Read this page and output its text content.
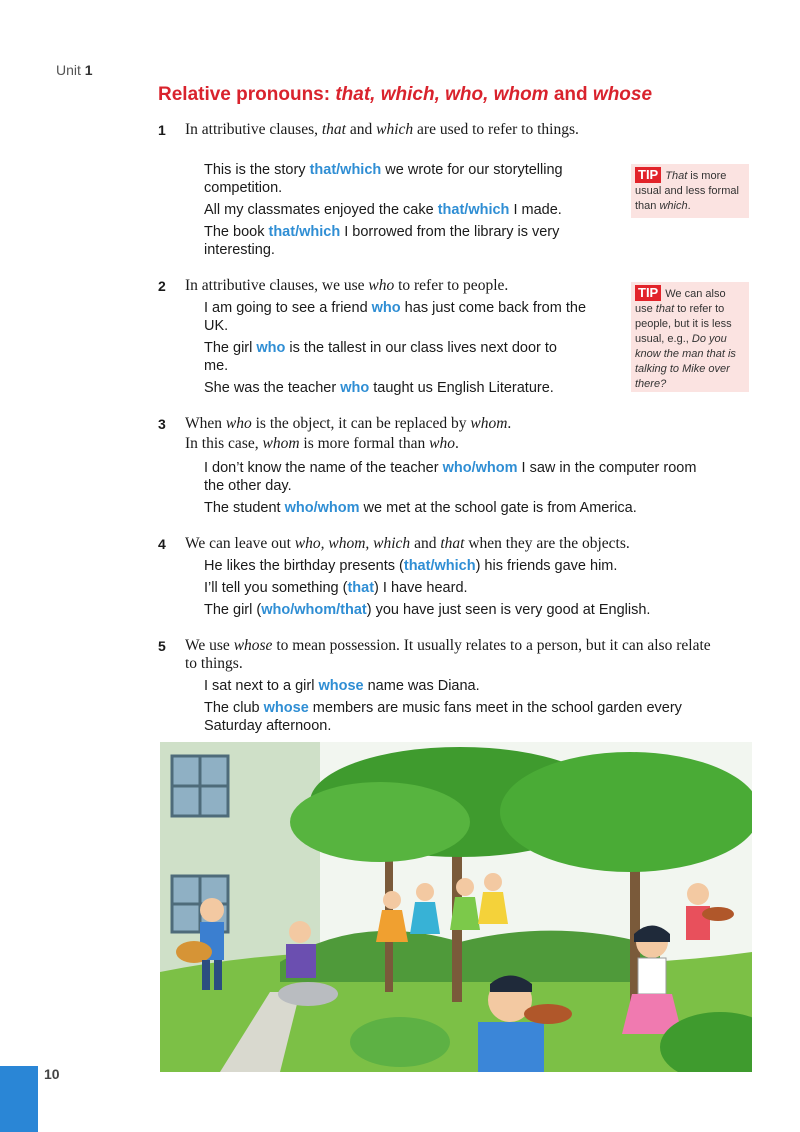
Unit 1
Relative pronouns: that, which, who, whom and whose
1 In attributive clauses, that and which are used to refer to things.
This is the story that/which we wrote for our storytelling competition.
All my classmates enjoyed the cake that/which I made.
The book that/which I borrowed from the library is very interesting.
TIP That is more usual and less formal than which.
2 In attributive clauses, we use who to refer to people.
I am going to see a friend who has just come back from the UK.
The girl who is the tallest in our class lives next door to me.
She was the teacher who taught us English Literature.
TIP We can also use that to refer to people, but it is less usual, e.g., Do you know the man that is talking to Mike over there?
3 When who is the object, it can be replaced by whom.
In this case, whom is more formal than who.
I don’t know the name of the teacher who/whom I saw in the computer room the other day.
The student who/whom we met at the school gate is from America.
4 We can leave out who, whom, which and that when they are the objects.
He likes the birthday presents (that/which) his friends gave him.
I’ll tell you something (that) I have heard.
The girl (who/whom/that) you have just seen is very good at English.
5 We use whose to mean possession. It usually relates to a person, but it can also relate to things.
I sat next to a girl whose name was Diana.
The club whose members are music fans meet in the school garden every Saturday afternoon.
10
